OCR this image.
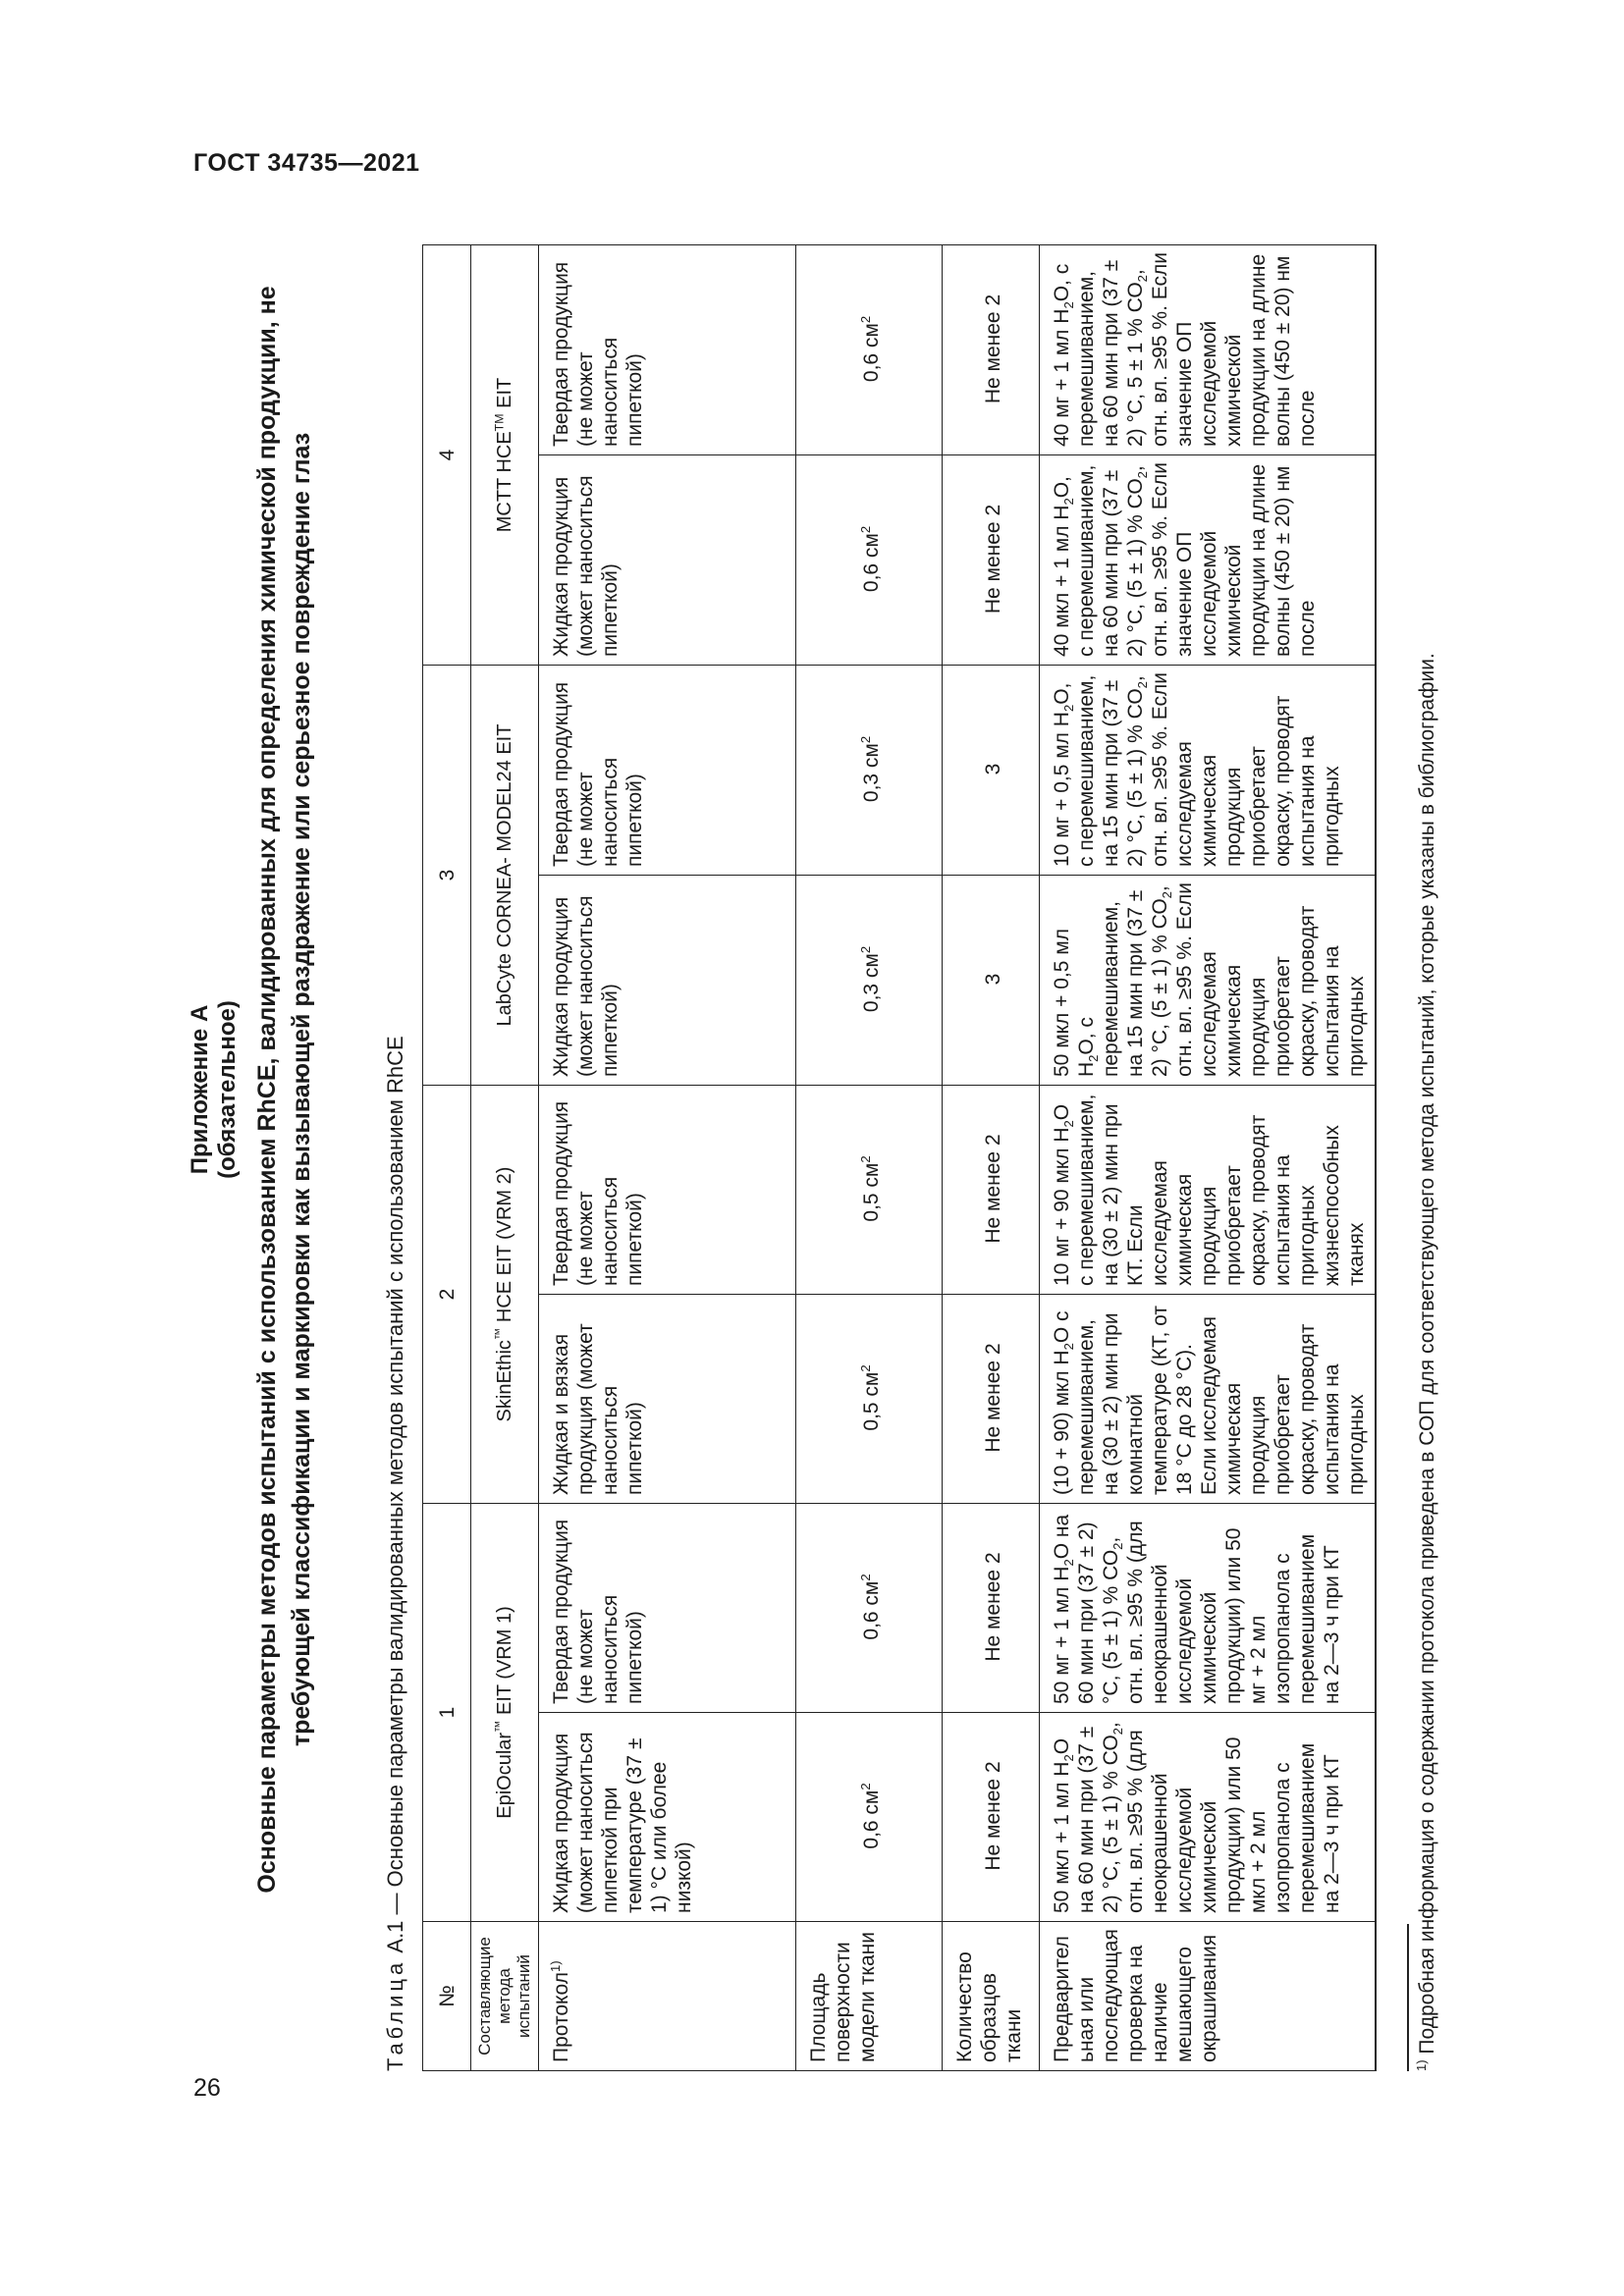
ГОСТ 34735—2021
26
Приложение А (обязательное) Основные параметры методов испытаний с использованием RhCE, валидированных для определения химической продукции, не требующей классификации и маркировки как вызывающей раздражение или серьезное повреждение глаз
Таблица А.1 — Основные параметры валидированных методов испытаний с использованием RhCE
№	1		2		3		4	
Составляющие метода испытаний	EpiOcular™ EIT (VRM 1)		SkinEthic™ HCE EIT (VRM 2)		LabCyte CORNEA- MODEL24 EIT		MCTT HCE™ EIT	
Протокол$^{1)}$	Жидкая продукция (может наноситься пипеткой при температуре (37 ± 1) °С или более низкой)	Твердая продукция (не может наноситься пипеткой)	Жидкая и вязкая продукция (может наноситься пипеткой)	Твердая продукция (не может наноситься пипеткой)	Жидкая продукция (может наноситься пипеткой)	Твердая продукция (не может наноситься пипеткой)	Жидкая продукция (может наноситься пипеткой)	Твердая продукция (не может наноситься пипеткой)
Площадь поверхности модели ткани	0,6 $см^2$	0,6 $см^2$	0,5 $см^2$	0,5 $см^2$	0,3 $см^2$	0,3 $см^2$	0,6 $см^2$	0,6 $см^2$
Количество образцов ткани	Не менее 2	Не менее 2	Не менее 2	Не менее 2	3	3	Не менее 2	Не менее 2
Предварительная или последующая проверка на наличие мешающего окрашивания	50 мкл + 1 мл $H_2O$ на 60 мин при (37 ± 2) °С, (5 ± 1) % $СО_2$, отн. вл. ≥95 % (для неокрашенной исследуемой химической продукции) или 50 мкл + 2 мл изопропанола с перемешиванием на 2—3 ч при КТ	50 мг + 1 мл $H_2O$ на 60 мин при (37 ± 2) °С, (5 ± 1) % $СО_2$, отн. вл. ≥95 % (для неокрашенной исследуемой химической продукции) или 50 мг + 2 мл изопропанола с перемешиванием на 2—3 ч при КТ	(10 + 90) мкл $H_2O$ с перемешиванием, на (30 ± 2) мин при комнатной температуре (КТ, от 18 °С до 28 °С). Если исследуемая химическая продукция приобретает окраску, проводят испытания на пригодных	10 мг + 90 мкл $H_2O$ с перемешиванием, на (30 ± 2) мин при КТ. Если исследуемая химическая продукция приобретает окраску, проводят испытания на пригодных жизнеспособных тканях	50 мкл + 0,5 мл $H_2O$, с перемешиванием, на 15 мин при (37 ± 2) °С, (5 ± 1) % $СО_2$, отн. вл. ≥95 %. Если исследуемая химическая продукция приобретает окраску, проводят испытания на пригодных	10 мг + 0,5 мл $H_2O$, с перемешиванием, на 15 мин при (37 ± 2) °С, (5 ± 1) % $СО_2$, отн. вл. ≥95 %. Если исследуемая химическая продукция приобретает окраску, проводят испытания на пригодных	40 мкл + 1 мл $H_2O$, с перемешиванием, на 60 мин при (37 ± 2) °С, (5 ± 1) % $СО_2$, отн. вл. ≥95 %. Если значение ОП исследуемой химической продукции на длине волны (450 ± 20) нм после	40 мг + 1 мл $H_2O$, с перемешиванием, на 60 мин при (37 ± 2) °С, 5 ± 1 % $СО_2$, отн. вл. ≥95 %. Если значение ОП исследуемой химической продукции на длине волны (450 ± 20) нм после
$^{1)}$ Подробная информация о содержании протокола приведена в СОП для соответствующего метода испытаний, которые указаны в библиографии.
